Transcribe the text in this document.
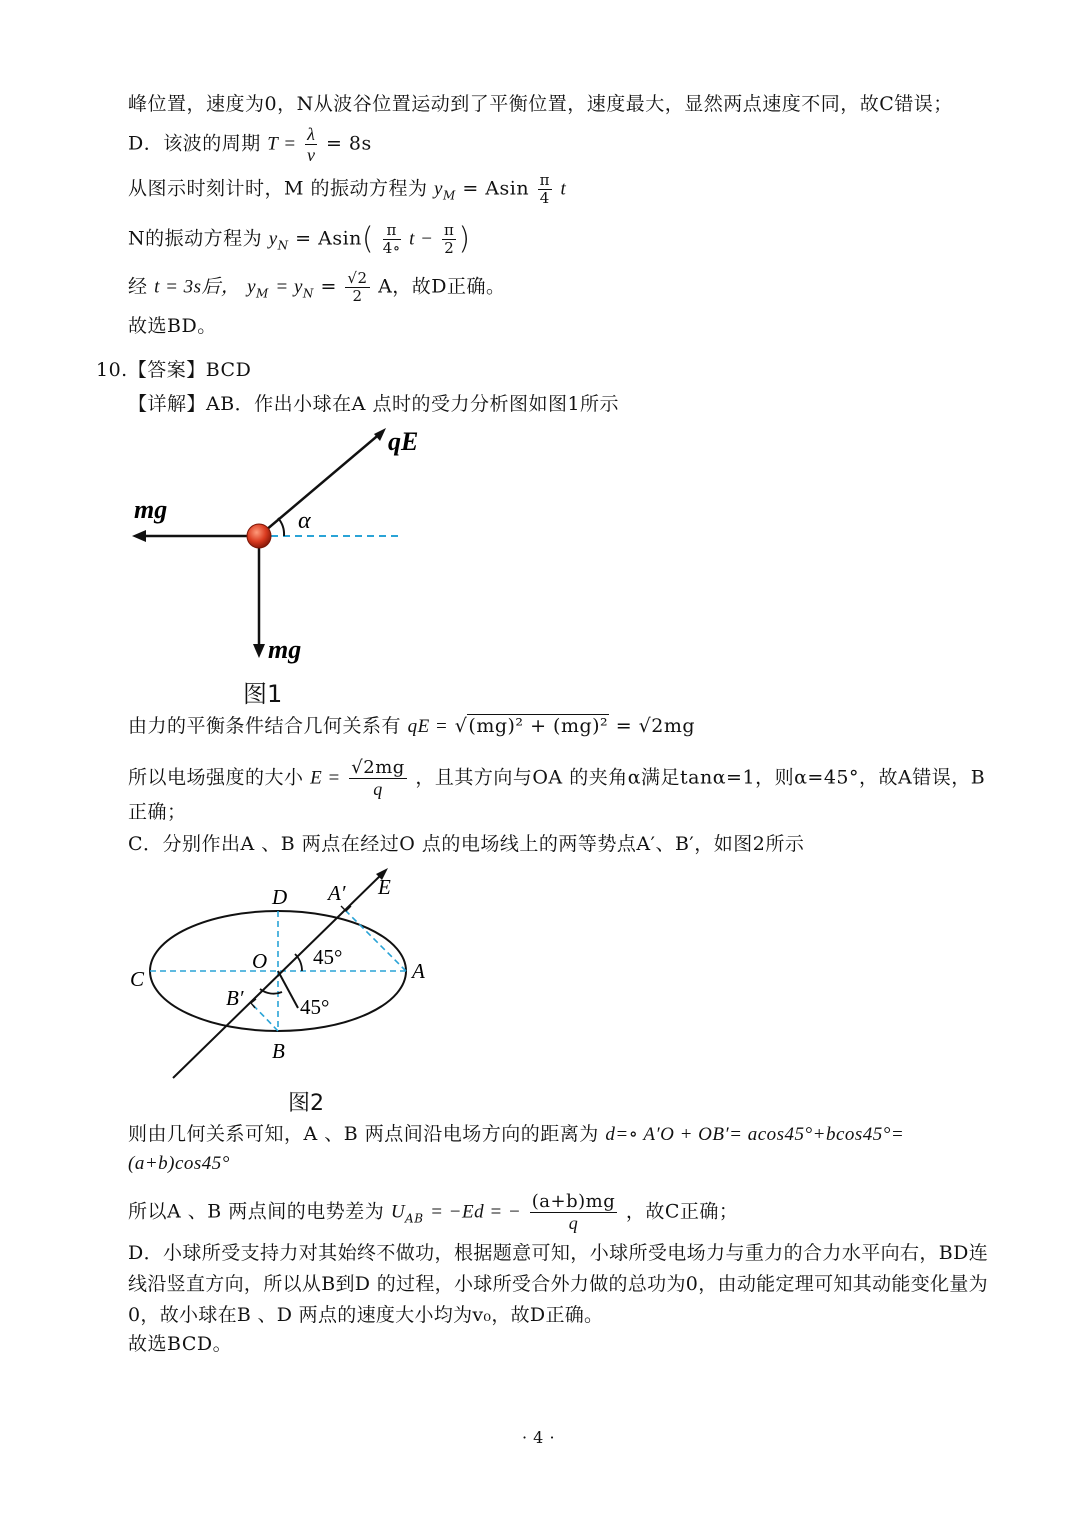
峰位置，速度为0，N从波谷位置运动到了平衡位置，速度最大，显然两点速度不同，故C错误；
D．该波的周期 $T = \frac{\lambda}{v} = 8s$
从图示时刻计时，M 的振动方程为 $y_M = Asin \frac{\pi}{4}$ t
N的振动方程为 $y_N = Asin( \frac{\pi}{4\circ}$ $t - \frac{\pi}{2}$ )
经 t = 3s后， $y_M = y_N = \frac{√2}{2}$ A，故D正确。
故选BD。
10.【答案】BCD
【详解】AB．作出小球在A 点时的受力分析图如图1所示
qE
mg
mg
α
图1
由力的平衡条件结合几何关系有 qE = √(mg)² + (mg)² = √2mg
所以电场强度的大小 $E = \frac{√2mg}{q}$ ，且其方向与OA 的夹角α满足tanα=1，则α=45°，故A错误，B
正确；
C．分别作出A 、B 两点在经过O 点的电场线上的两等势点A′、B′，如图2所示
D A′ E
O 45°
C	A
B′	45°
B
图2
则由几何关系可知，A 、B 两点间沿电场方向的距离为 d=∘ A′O + OB′= acos45°+bcos45°=
(a+b)cos45°
所以A 、B 两点间的电势差为 $U_{AB} = -Ed$ = − $\frac{(a+b)mg}{q}$ ，故C正确；
D．小球所受支持力对其始终不做功，根据题意可知，小球所受电场力与重力的合力水平向右，BD连线沿竖直方向，所以从B到D 的过程，小球所受合外力做的总功为0，由动能定理可知其动能变化量为0，故小球在B 、D 两点的速度大小均为v₀，故D正确。
故选BCD。
· 4 ·
